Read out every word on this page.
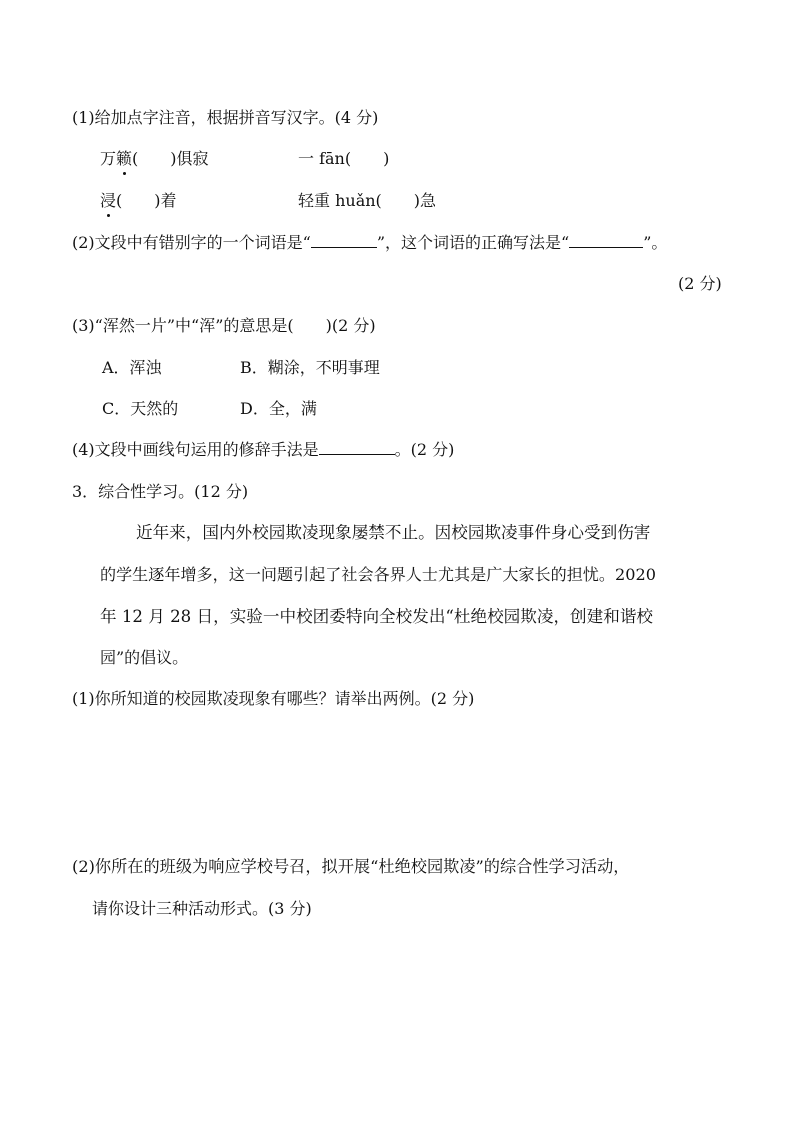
(1)给加点字注音，根据拼音写汉字。(4 分)
万籁(　　)俱寂	一 fān(　　)
浸(　　)着	轻重 huǎn(　　)急
(2)文段中有错别字的一个词语是“	”，这个词语的正确写法是“	”。
(2 分)
(3)“浑然一片”中“浑”的意思是(　　)(2 分)
A．浑浊	B．糊涂，不明事理
C．天然的	D．全，满
(4)文段中画线句运用的修辞手法是	。(2 分)
3．综合性学习。(12 分)
近年来，国内外校园欺凌现象屡禁不止。因校园欺凌事件身心受到伤害
的学生逐年增多，这一问题引起了社会各界人士尤其是广大家长的担忧。2020
年 12 月 28 日，实验一中校团委特向全校发出“杜绝校园欺凌，创建和谐校
园”的倡议。
(1)你所知道的校园欺凌现象有哪些？请举出两例。(2 分)
(2)你所在的班级为响应学校号召，拟开展“杜绝校园欺凌”的综合性学习活动，
请你设计三种活动形式。(3 分)
